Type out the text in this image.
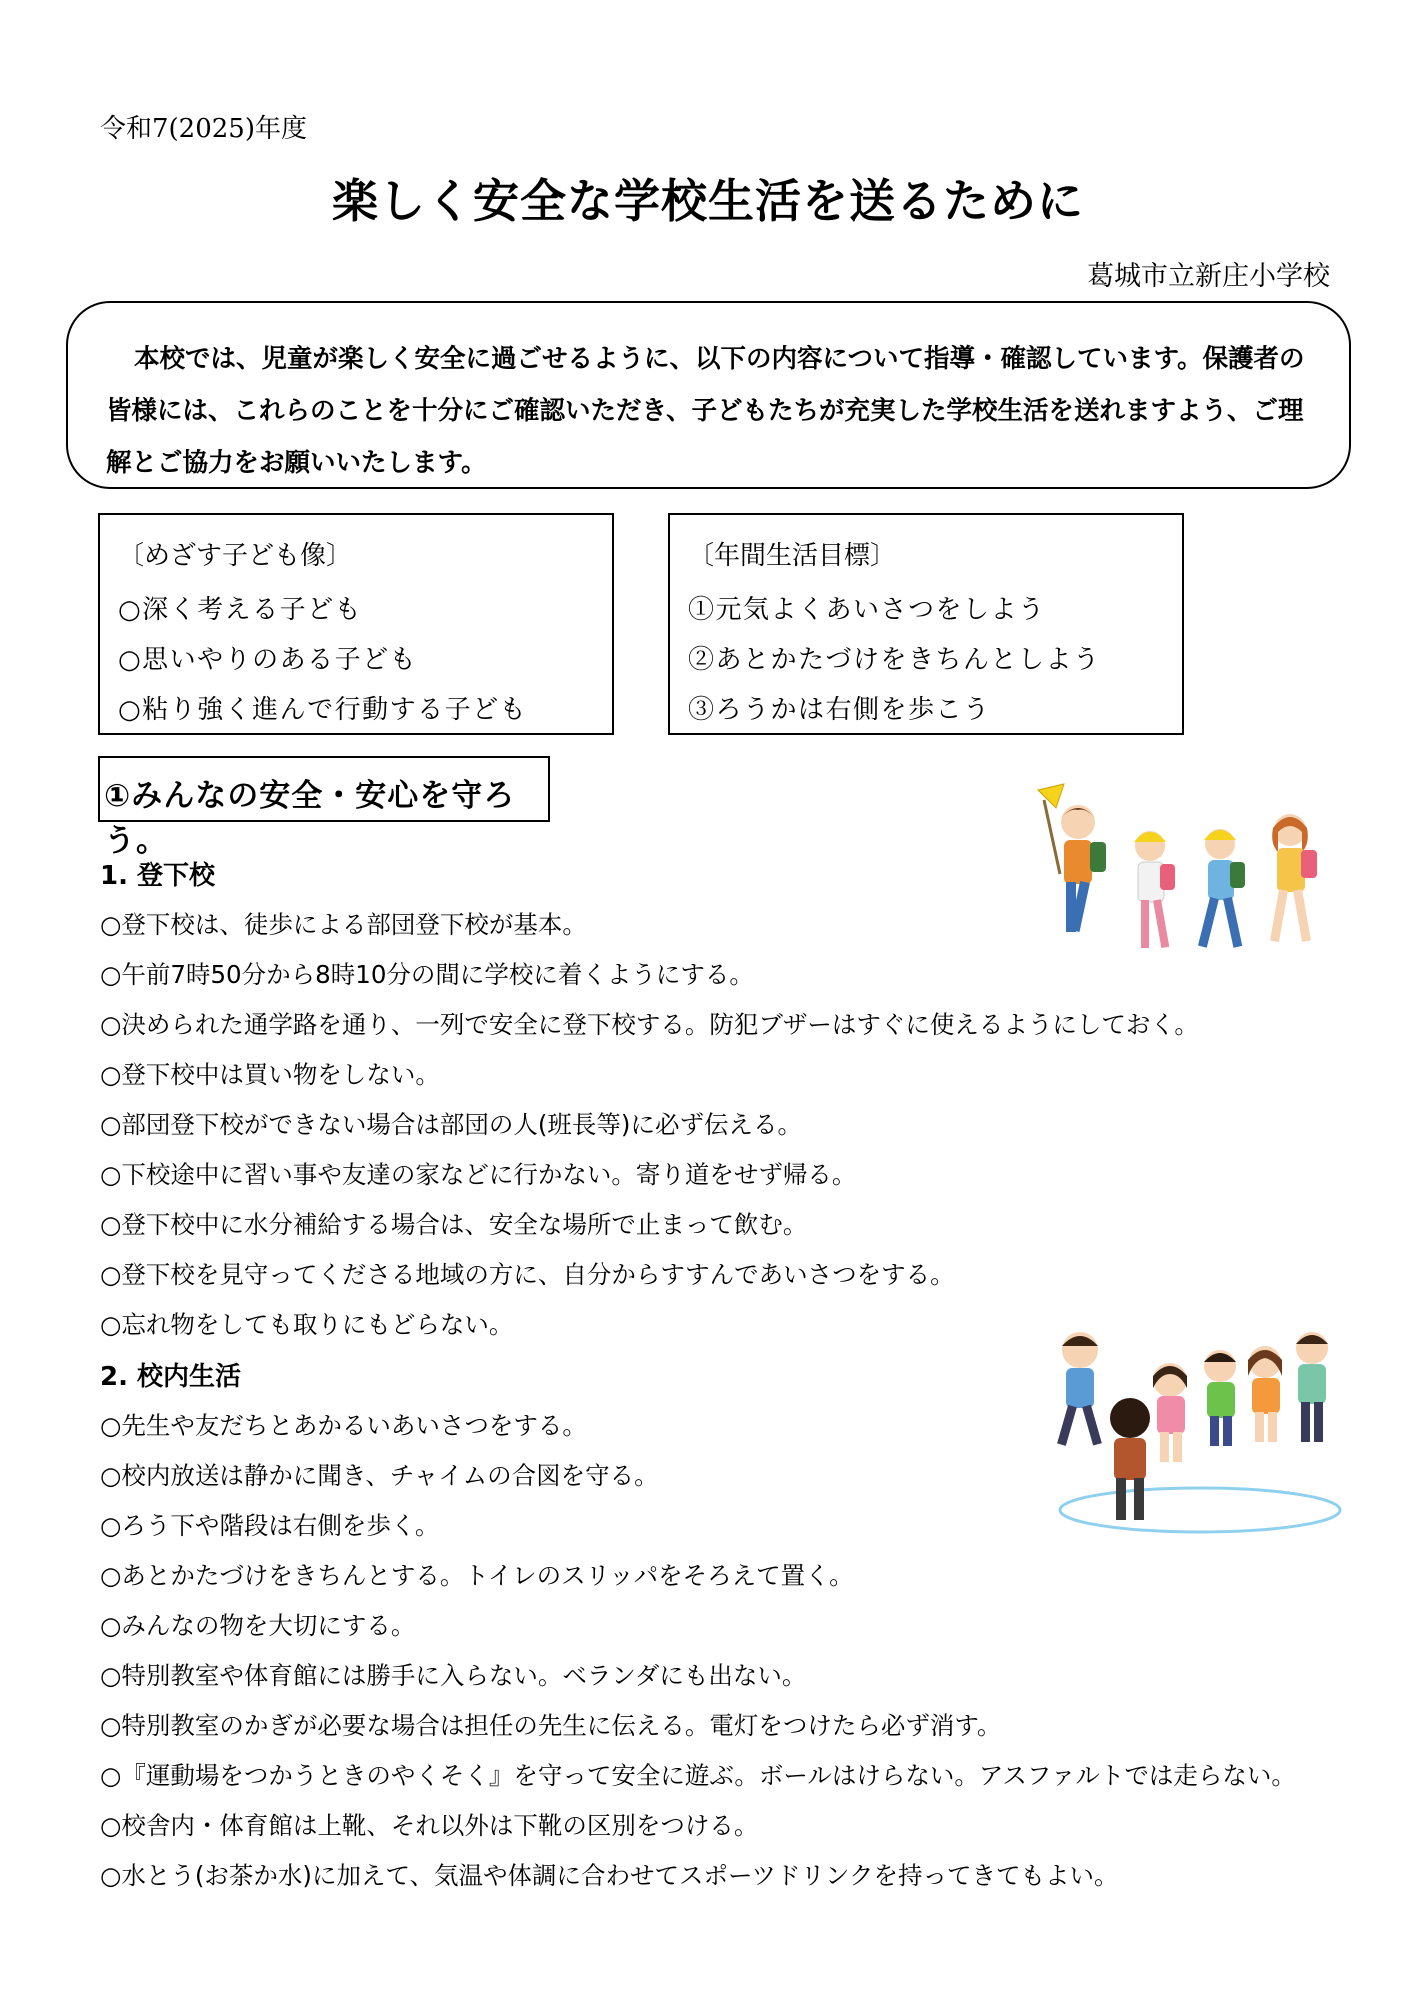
令和7(2025)年度
楽しく安全な学校生活を送るために
葛城市立新庄小学校

本校では、児童が楽しく安全に過ごせるように、以下の内容について指導・確認しています。保護者の皆様には、これらのことを十分にご確認いただき、子どもたちが充実した学校生活を送れますよう、ご理解とご協力をお願いいたします。

〔めざす子ども像〕
○深く考える子ども
○思いやりのある子ども
○粘り強く進んで行動する子ども
〔年間生活目標〕
①元気よくあいさつをしよう
②あとかたづけをきちんとしよう
③ろうかは右側を歩こう
①みんなの安全・安心を守ろう。
1. 登下校
○登下校は、徒歩による部団登下校が基本。
○午前7時50分から8時10分の間に学校に着くようにする。
○決められた通学路を通り、一列で安全に登下校する。防犯ブザーはすぐに使えるようにしておく。
○登下校中は買い物をしない。
○部団登下校ができない場合は部団の人(班長等)に必ず伝える。
○下校途中に習い事や友達の家などに行かない。寄り道をせず帰る。
○登下校中に水分補給する場合は、安全な場所で止まって飲む。
○登下校を見守ってくださる地域の方に、自分からすすんであいさつをする。
○忘れ物をしても取りにもどらない。
2. 校内生活
○先生や友だちとあかるいあいさつをする。
○校内放送は静かに聞き、チャイムの合図を守る。
○ろう下や階段は右側を歩く。
○あとかたづけをきちんとする。トイレのスリッパをそろえて置く。
○みんなの物を大切にする。
○特別教室や体育館には勝手に入らない。ベランダにも出ない。
○特別教室のかぎが必要な場合は担任の先生に伝える。電灯をつけたら必ず消す。
○『運動場をつかうときのやくそく』を守って安全に遊ぶ。ボールはけらない。アスファルトでは走らない。
○校舎内・体育館は上靴、それ以外は下靴の区別をつける。
○水とう(お茶か水)に加えて、気温や体調に合わせてスポーツドリンクを持ってきてもよい。
